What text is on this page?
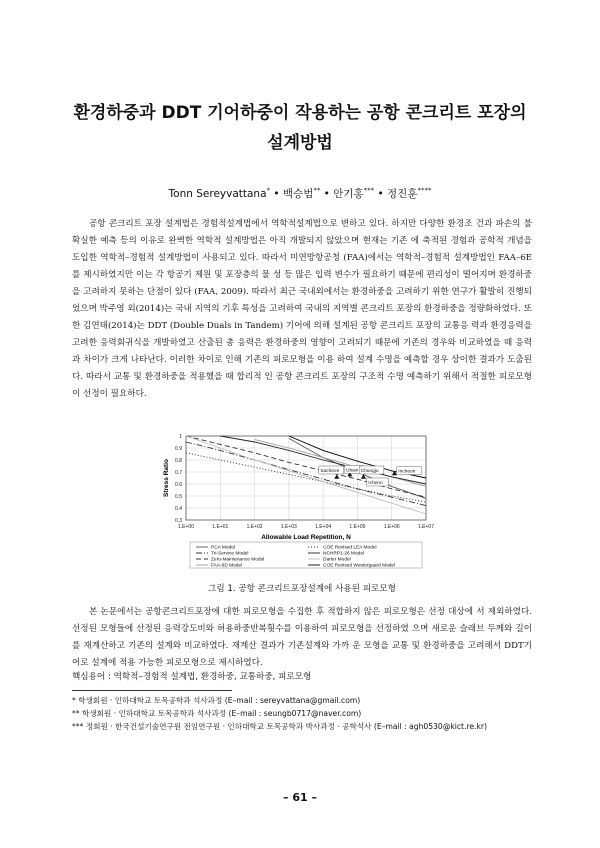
환경하중과 DDT 기어하중이 작용하는 공항 콘크리트 포장의
설계방법
Tonn Sereyvattana* • 백승범** • 안기홍*** • 정진훈****

공항 콘크리트 포장 설계법은 경험적설계법에서 역학적설계법으로 변하고 있다. 하지만 다양한 환경조 건과 파손의 불확실한 예측 등의 이유로 완벽한 역학적 설계방법은 아직 개발되지 않았으며 현재는 기존 에 축적된 경험과 공학적 개념을 도입한 역학적–경험적 설계방법이 사용되고 있다. 따라서 미연방항공청 (FAA)에서는 역학적–경험적 설계방법인 FAA–6E를 제시하였지만 이는 각 항공기 제원 및 포장층의 물 성 등 많은 입력 변수가 필요하기 때문에 편리성이 떨어지며 환경하중을 고려하지 못하는 단점이 있다 (FAA, 2009). 따라서 최근 국내외에서는 환경하중을 고려하기 위한 연구가 활발히 진행되었으며 박주영 외(2014)는 국내 지역의 기후 특성을 고려하여 국내의 지역별 콘크리트 포장의 환경하중을 정량화하였다. 또한 김연태(2014)는 DDT (Double Duals in Tandem) 기어에 의해 설계된 공항 콘크리트 포장의 교통응 력과 환경응력을 고려한 응력회귀식을 개발하였고 산출된 총 응력은 환경하중의 영향이 고려되기 때문에 기존의 경우와 비교하였을 때 응력과 차이가 크게 나타난다. 이러한 차이로 인해 기존의 피로모형을 이용 하여 설계 수명을 예측할 경우 상이한 결과가 도출된다. 따라서 교통 및 환경하중을 적용했을 때 합리적 인 공항 콘크리트 포장의 구조적 수명 예측하기 위해서 적절한 피로모형이 선정이 필요하다.

0.3
0.4
0.5
0.6
0.7
0.8
0.9
1
1.E+00	1.E+01	1.E+02	1.E+03	1.E+04	1.E+05	1.E+06	1.E+07
Sacheon Ulsan Chungju
Icheon
Incheon
Stress Ratio
Allowable Load Repetition, N
PCA Model
Tri-Service Model
Zero-Maintenance Model
FAA-6D Model
COE Revised LEA Model
NCHRP1-26 Model
Darter Model
COE Revised Westergaard Model
그림 1. 공항 콘크리트포장설계에 사용된 피로모형

본 논문에서는 공항콘크리트포장에 대한 피로모형을 수집한 후 적합하지 않은 피로모형은 선정 대상에 서 제외하였다. 선정된 모형들에 산정된 응력강도비와 허용하중반복횟수를 이용하여 피로모형을 선정하였 으며 새로운 슬래브 두께와 길이를 재계산하고 기존의 설계와 비교하였다. 재계산 결과가 기존설계와 가까 운 모형을 교통 및 환경하중을 고려해서 DDT기어로 설계에 적용 가능한 피로모형으로 제시하였다.

핵심용어 : 역학적–경험적 설계법, 환경하중, 교통하중, 피로모형
* 학생회원 · 인하대학교 토목공학과 석사과정 (E–mail : sereyvattana@gmail.com)
** 학생회원 · 인하대학교 토목공학과 석사과정 (E–mail : seungb0717@naver.com)
*** 정회원 · 한국건설기술연구원 전임연구원 · 인하대학교 토목공학과 박사과정 · 공학석사 (E–mail : agh0530@kict.re.kr)
– 61 –
